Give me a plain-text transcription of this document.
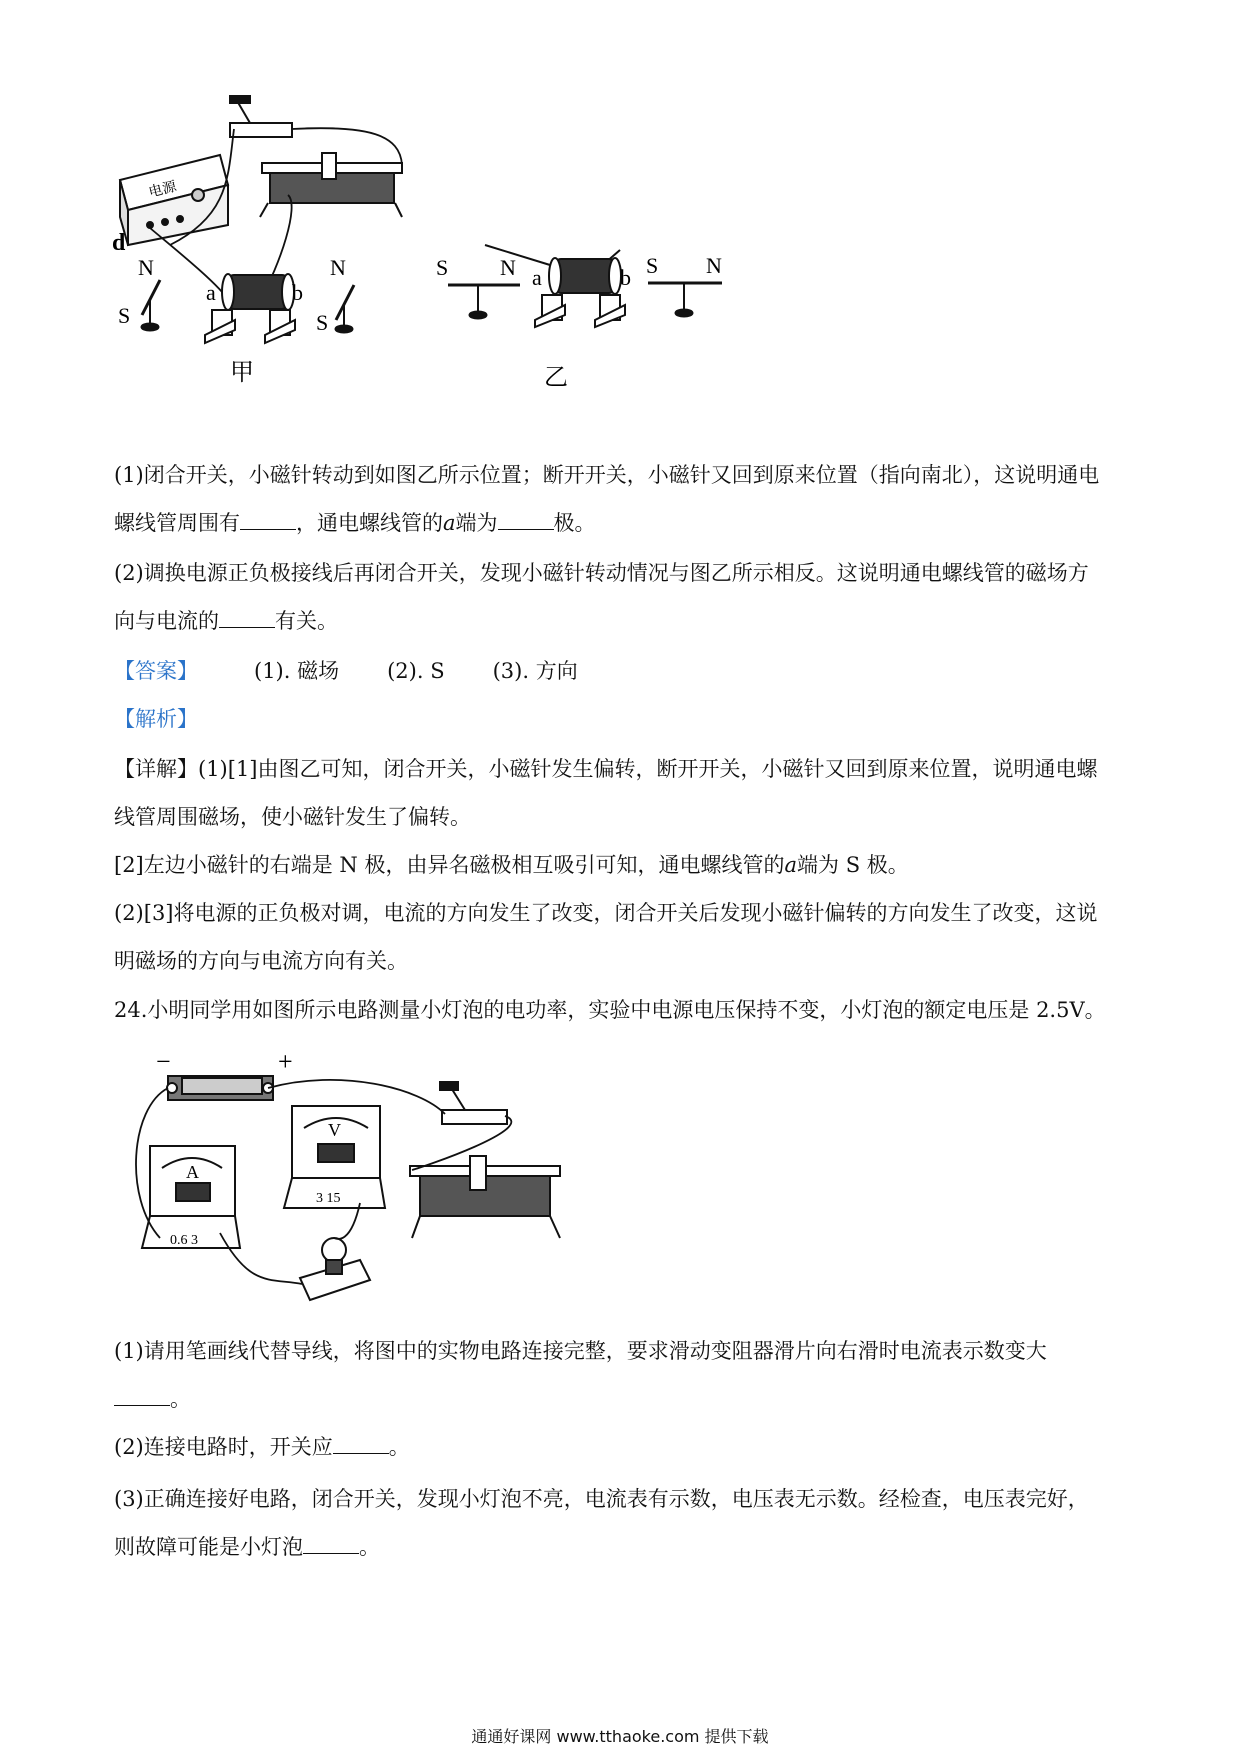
电源
d
a	b
N
S
N
S
甲
S N a	b S N
乙
(1)闭合开关，小磁针转动到如图乙所示位置；断开开关，小磁针又回到原来位置（指向南北），这说明通电
螺线管周围有	，通电螺线管的a端为	极。
(2)调换电源正负极接线后再闭合开关，发现小磁针转动情况与图乙所示相反。这说明通电螺线管的磁场方
向与电流的	有关。
【答案】	(1). 磁场 (2). S (3). 方向
【解析】
【详解】(1)[1]由图乙可知，闭合开关，小磁针发生偏转，断开开关，小磁针又回到原来位置，说明通电螺
线管周围磁场，使小磁针发生了偏转。
[2]左边小磁针的右端是 N 极，由异名磁极相互吸引可知，通电螺线管的a端为 S 极。
(2)[3]将电源的正负极对调，电流的方向发生了改变，闭合开关后发现小磁针偏转的方向发生了改变，这说
明磁场的方向与电流方向有关。
24.小明同学用如图所示电路测量小灯泡的电功率，实验中电源电压保持不变，小灯泡的额定电压是 2.5V。
−	+
A
0.6 3
V
3 15
(1)请用笔画线代替导线，将图中的实物电路连接完整，要求滑动变阻器滑片向右滑时电流表示数变大
。
(2)连接电路时，开关应	。
(3)正确连接好电路，闭合开关，发现小灯泡不亮，电流表有示数，电压表无示数。经检查，电压表完好，
则故障可能是小灯泡	。
通通好课网 www.tthaoke.com 提供下载
